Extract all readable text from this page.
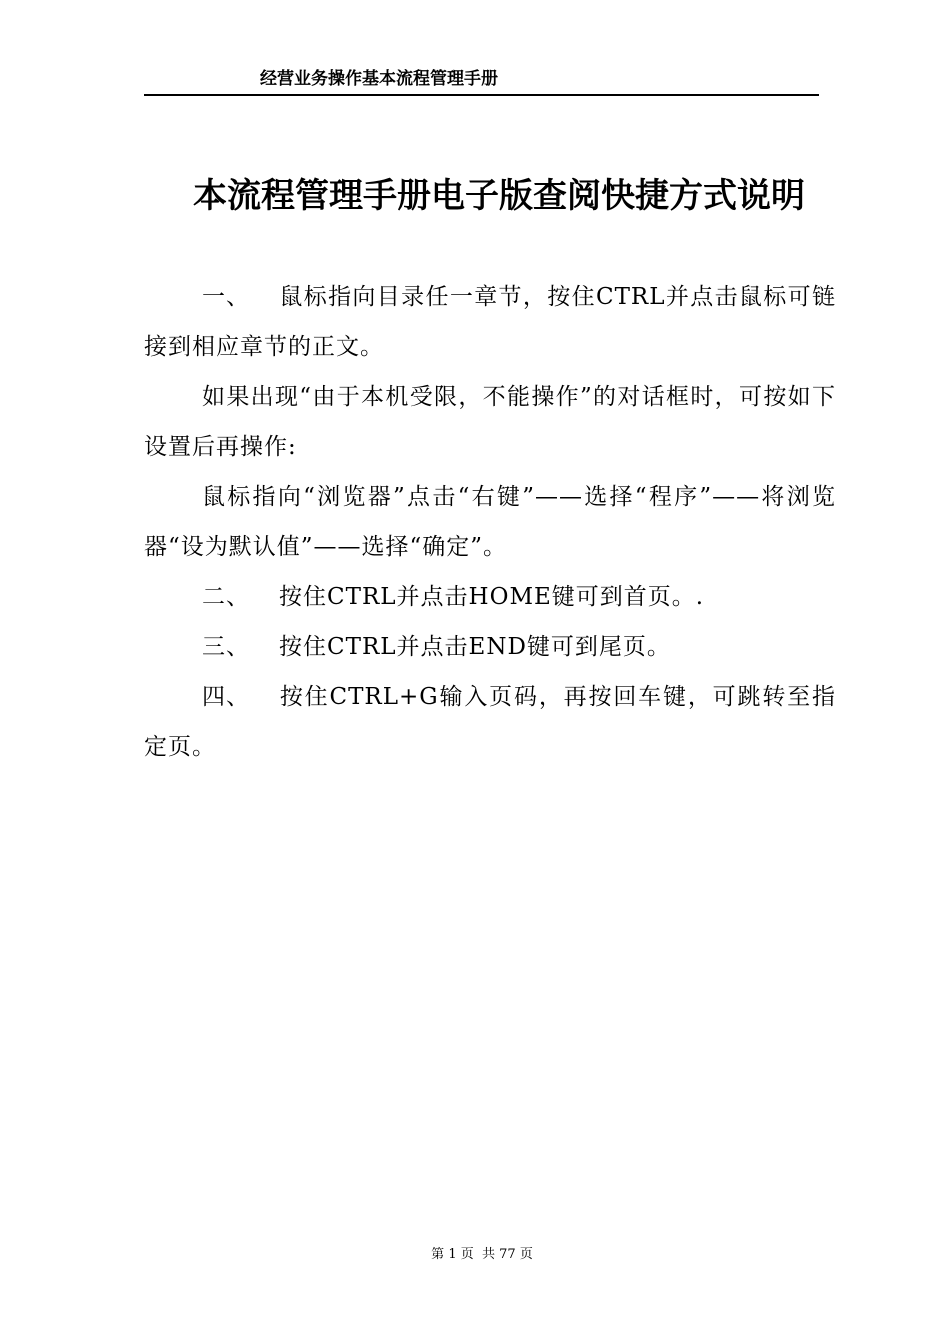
经营业务操作基本流程管理手册
本流程管理手册电子版查阅快捷方式说明

一、 鼠标指向目录任一章节，按住CTRL并点击鼠标可链接到相应章节的正文。

如果出现“由于本机受限，不能操作”的对话框时，可按如下设置后再操作:

鼠标指向“浏览器”点击“右键”——选择“程序”——将浏览器“设为默认值”——选择“确定”。

二、 按住CTRL并点击HOME键可到首页。.

三、 按住CTRL并点击END键可到尾页。

四、 按住CTRL+G输入页码，再按回车键，可跳转至指定页。

第 1 页  共 77 页
